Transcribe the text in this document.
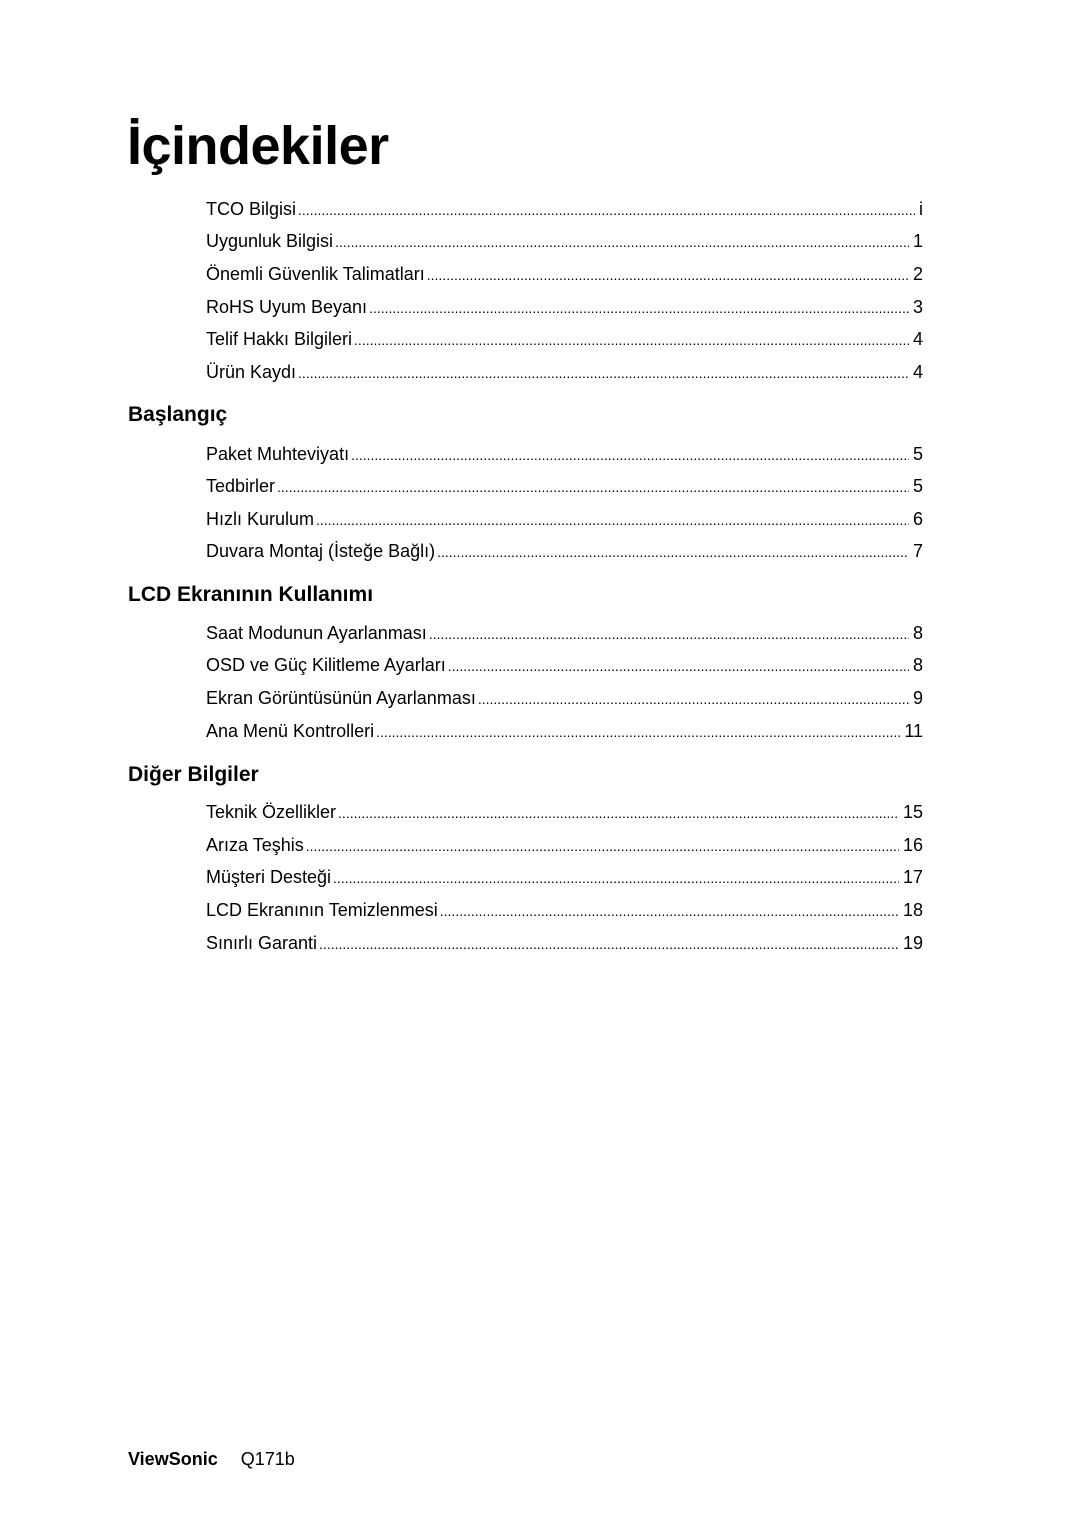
İçindekiler
TCO Bilgisi .....	i
Uygunluk Bilgisi .....	1
Önemli Güvenlik Talimatları .....	2
RoHS Uyum Beyanı .....	3
Telif Hakkı Bilgileri .....	4
Ürün Kaydı .....	4
Başlangıç
Paket Muhteviyatı .....	5
Tedbirler .....	5
Hızlı Kurulum .....	6
Duvara Montaj (İsteğe Bağlı) .....	7
LCD Ekranının Kullanımı
Saat Modunun Ayarlanması .....	8
OSD ve Güç Kilitleme Ayarları .....	8
Ekran Görüntüsünün Ayarlanması .....	9
Ana Menü Kontrolleri .....	11
Diğer Bilgiler
Teknik Özellikler .....	15
Arıza Teşhis .....	16
Müşteri Desteği .....	17
LCD Ekranının Temizlenmesi .....	18
Sınırlı Garanti .....	19
ViewSonic Q171b
